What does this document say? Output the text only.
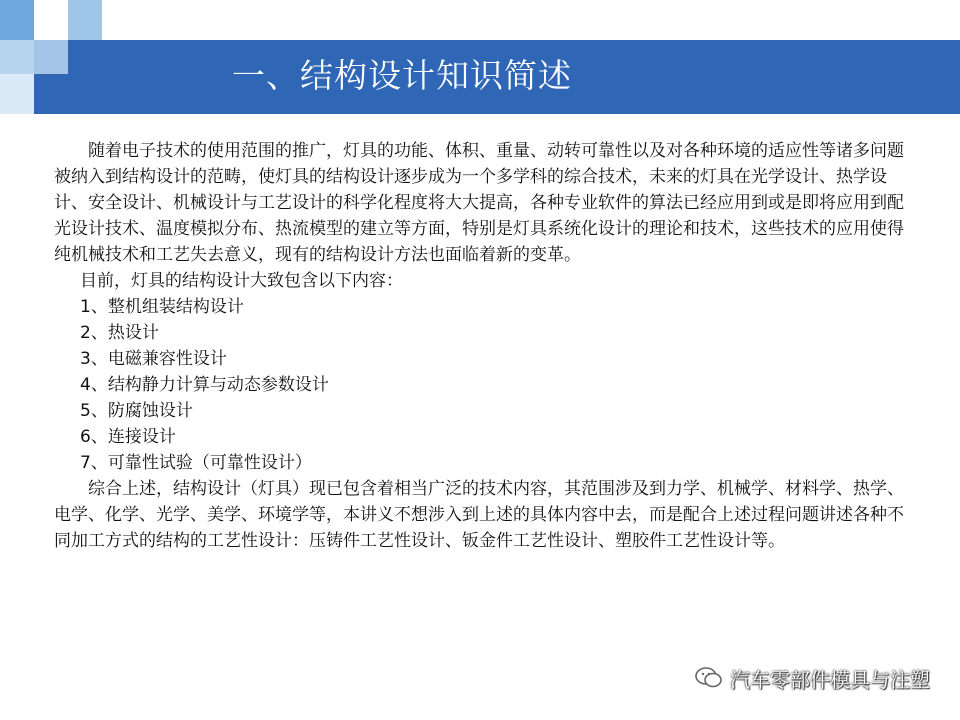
一、结构设计知识简述

随着电子技术的使用范围的推广，灯具的功能、体积、重量、动转可靠性以及对各种环境的适应性等诸多问题被纳入到结构设计的范畴，使灯具的结构设计逐步成为一个多学科的综合技术，未来的灯具在光学设计、热学设计、安全设计、机械设计与工艺设计的科学化程度将大大提高，各种专业软件的算法已经应用到或是即将应用到配光设计技术、温度模拟分布、热流模型的建立等方面，特别是灯具系统化设计的理论和技术，这些技术的应用使得纯机械技术和工艺失去意义，现有的结构设计方法也面临着新的变革。

目前，灯具的结构设计大致包含以下内容：

1、整机组装结构设计

2、热设计

3、电磁兼容性设计

4、结构静力计算与动态参数设计

5、防腐蚀设计

6、连接设计

7、可靠性试验（可靠性设计）

综合上述，结构设计（灯具）现已包含着相当广泛的技术内容，其范围涉及到力学、机械学、材料学、热学、电学、化学、光学、美学、环境学等，本讲义不想涉入到上述的具体内容中去，而是配合上述过程问题讲述各种不同加工方式的结构的工艺性设计：压铸件工艺性设计、钣金件工艺性设计、塑胶件工艺性设计等。

汽车零部件模具与注塑
